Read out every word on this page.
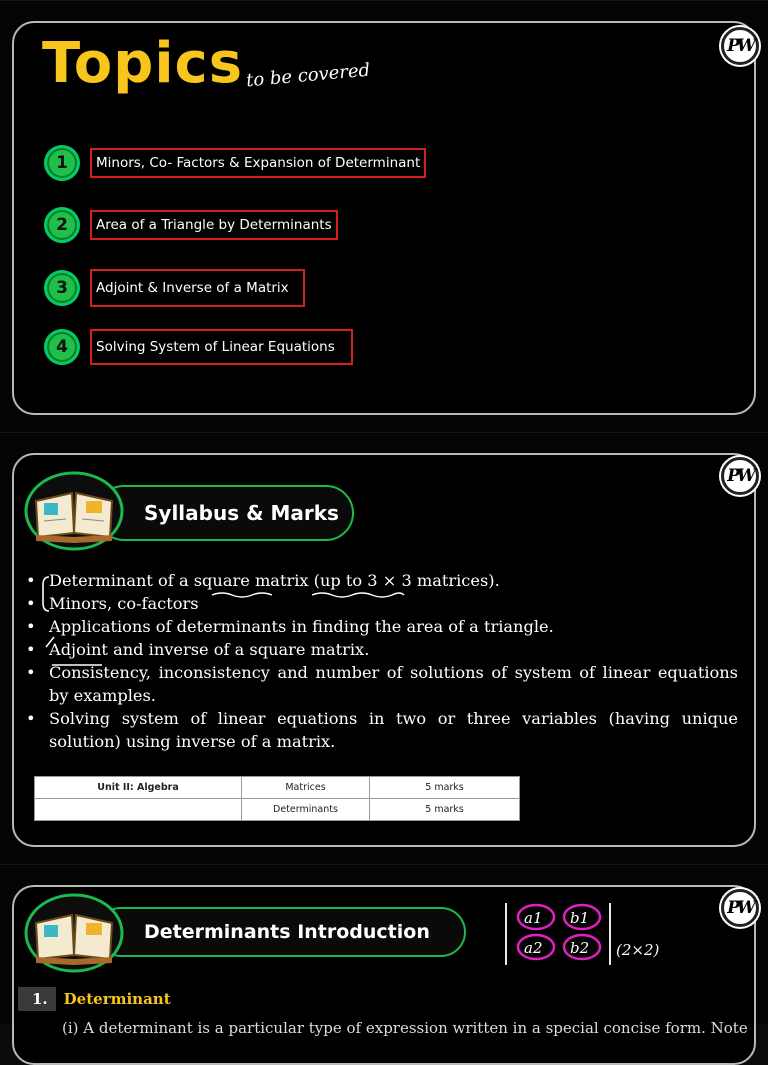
PW
Topics to be covered
1	Minors, Co- Factors & Expansion of Determinant
2	Area of a Triangle by Determinants
3	Adjoint & Inverse of a Matrix
4	Solving System of Linear Equations
PW
Syllabus & Marks
• Determinant of a square matrix (up to 3 × 3 matrices).
• Minors, co-factors
• Applications of determinants in finding the area of a triangle.
• Adjoint and inverse of a square matrix.
• Consistency, inconsistency and number of solutions of system of linear equations by examples.
• Solving system of linear equations in two or three variables (having unique solution) using inverse of a matrix.
Unit II: Algebra	Matrices	5 marks
	Determinants	5 marks
PW
Determinants Introduction
a1 b1
a2 b2 (2×2)
1.	Determinant
(i) A determinant is a particular type of expression written in a special concise form. Note
